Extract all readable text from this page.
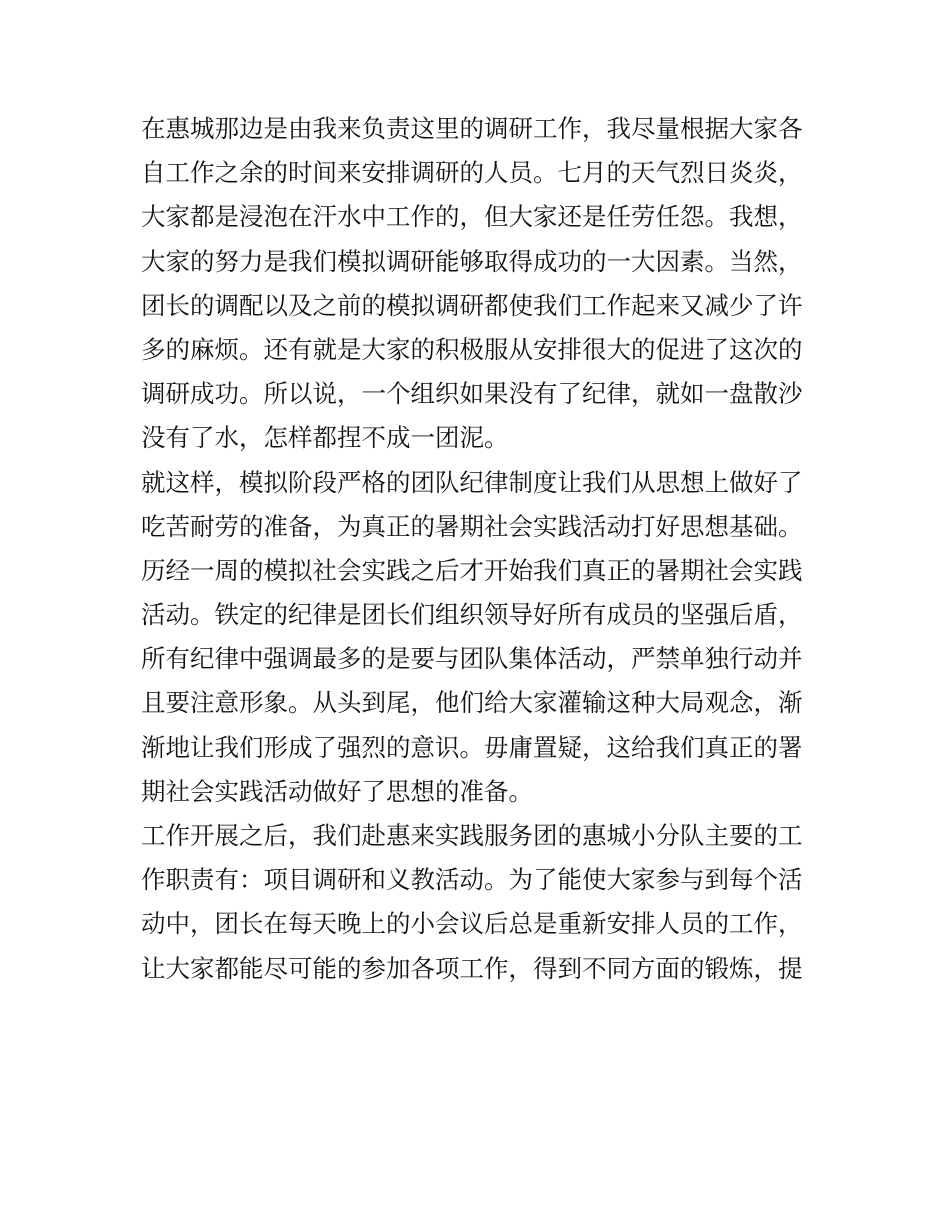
在惠城那边是由我来负责这里的调研工作，我尽量根据大家各
自工作之余的时间来安排调研的人员。七月的天气烈日炎炎，
大家都是浸泡在汗水中工作的，但大家还是任劳任怨。我想，
大家的努力是我们模拟调研能够取得成功的一大因素。当然，
团长的调配以及之前的模拟调研都使我们工作起来又减少了许
多的麻烦。还有就是大家的积极服从安排很大的促进了这次的
调研成功。所以说，一个组织如果没有了纪律，就如一盘散沙
没有了水，怎样都捏不成一团泥。
就这样，模拟阶段严格的团队纪律制度让我们从思想上做好了
吃苦耐劳的准备，为真正的暑期社会实践活动打好思想基础。
历经一周的模拟社会实践之后才开始我们真正的暑期社会实践
活动。铁定的纪律是团长们组织领导好所有成员的坚强后盾，
所有纪律中强调最多的是要与团队集体活动，严禁单独行动并
且要注意形象。从头到尾，他们给大家灌输这种大局观念，渐
渐地让我们形成了强烈的意识。毋庸置疑，这给我们真正的署
期社会实践活动做好了思想的准备。
工作开展之后，我们赴惠来实践服务团的惠城小分队主要的工
作职责有：项目调研和义教活动。为了能使大家参与到每个活
动中，团长在每天晚上的小会议后总是重新安排人员的工作，
让大家都能尽可能的参加各项工作，得到不同方面的锻炼，提
